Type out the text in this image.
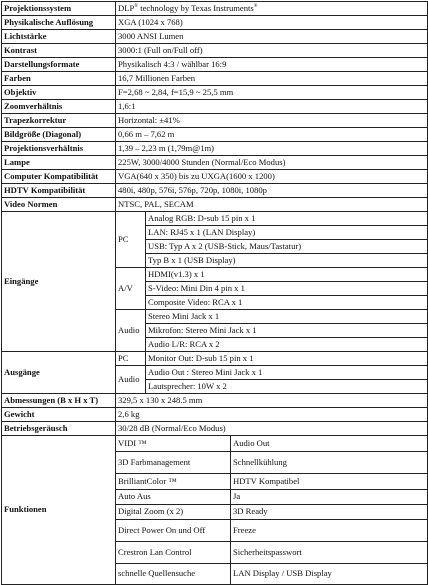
Projektionssystem	DLP® technology by Texas Instruments®
Physikalische Auflösung	XGA (1024 x 768)		
Lichtstärke	3000 ANSI Lumen		
Kontrast	3000:1 (Full on/Full off)		
Darstellungsformate	Physikalisch 4:3 / wählbar 16:9		
Farben	16,7 Millionen Farben		
Objektiv	F=2,68 ~ 2,84, f=15,9 ~ 25,5 mm		
Zoomverhältnis	1,6:1		
Trapezkorrektur	Horizontal: ±41%		
Bildgröße (Diagonal)	0,66 m – 7,62 m		
Projektionsverhältnis	1,39 – 2,23 m (1,79m@1m)		
Lampe	225W, 3000/4000 Stunden (Normal/Eco Modus)		
Computer Kompatibilität	VGA(640 x 350) bis zu UXGA(1600 x 1200)		
HDTV Kompatibilität	480i, 480p, 576i, 576p, 720p, 1080i, 1080p		
Video Normen	NTSC, PAL, SECAM		
Eingänge	PC	Analog RGB: D-sub 15 pin x 1	
		LAN: RJ45 x 1 (LAN Display)	
		USB: Typ A x 2 (USB-Stick, Maus/Tastatur)	
		Typ B x 1 (USB Display)	
	A/V	HDMI(v1.3) x 1	
		S-Video: Mini Din 4 pin x 1	
		Composite Video: RCA x 1	
	Audio	Stereo Mini Jack x 1	
		Mikrofon: Stereo Mini Jack x 1	
		Audio L/R: RCA x 2	
Ausgänge	PC	Monitor Out: D-sub 15 pin x 1	
	Audio	Audio Out : Stereo Mini Jack x 1	
		Lautsprecher: 10W x 2	
Abmessungen (B x H x T)	329,5 x 130 x 248.5 mm		
Gewicht	2,6 kg		
Betriebsgeräusch	30/28 dB (Normal/Eco Modus)		
Funktionen	VIDI ™		Audio Out
	3D Farbmanagement		Schnellkühlung
	BrilliantColor ™		HDTV Kompatibel
	Auto Aus		Ja
	Digital Zoom (x 2)		3D Ready
	Direct Power On und Off		Freeze
	Crestron Lan Control		Sicherheitspasswort
	schnelle Quellensuche		LAN Display / USB Display
